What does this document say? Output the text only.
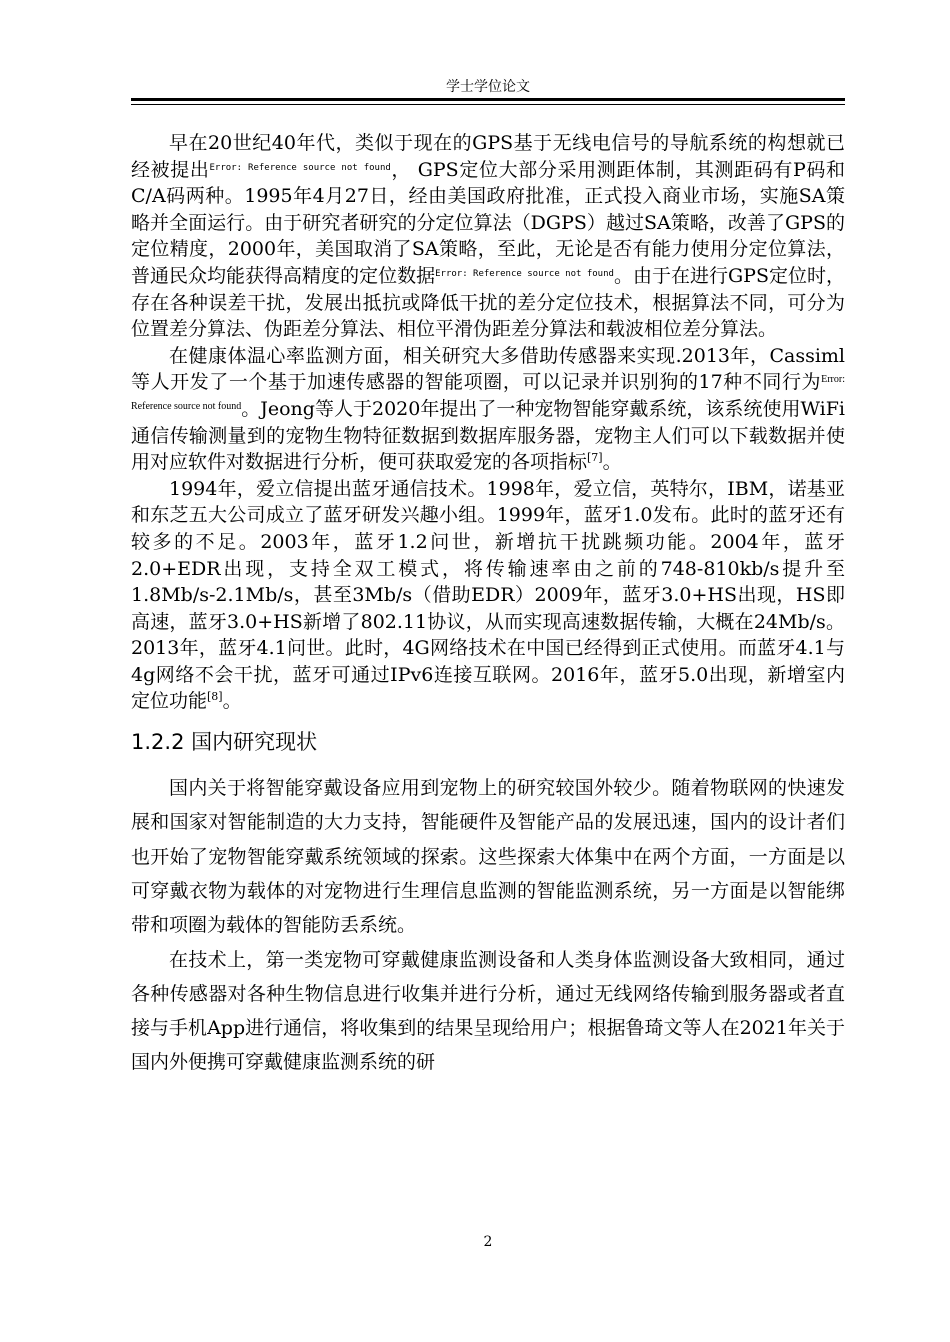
学士学位论文

早在20世纪40年代，类似于现在的GPS基于无线电信号的导航系统的构想就已经被提出$^{Error: Reference source not found}$， GPS定位大部分采用测距体制，其测距码有P码和C/A码两种。1995年4月27日，经由美国政府批准，正式投入商业市场，实施SA策略并全面运行。由于研究者研究的分定位算法（DGPS）越过SA策略，改善了GPS的定位精度，2000年，美国取消了SA策略，至此，无论是否有能力使用分定位算法，普通民众均能获得高精度的定位数据$^{Error: Reference source not found}$。由于在进行GPS定位时，存在各种误差干扰，发展出抵抗或降低干扰的差分定位技术，根据算法不同，可分为位置差分算法、伪距差分算法、相位平滑伪距差分算法和载波相位差分算法。

在健康体温心率监测方面，相关研究大多借助传感器来实现.2013年，Cassiml等人开发了一个基于加速传感器的智能项圈，可以记录并识别狗的17种不同行为$^{Error: Reference source not found}$。Jeong等人于2020年提出了一种宠物智能穿戴系统，该系统使用WiFi通信传输测量到的宠物生物特征数据到数据库服务器，宠物主人们可以下载数据并使用对应软件对数据进行分析，便可获取爱宠的各项指标[7]。

1994年，爱立信提出蓝牙通信技术。1998年，爱立信，英特尔，IBM，诺基亚和东芝五大公司成立了蓝牙研发兴趣小组。1999年，蓝牙1.0发布。此时的蓝牙还有较多的不足。2003年，蓝牙1.2问世，新增抗干扰跳频功能。2004年，蓝牙2.0+EDR出现，支持全双工模式，将传输速率由之前的748-810kb/s提升至1.8Mb/s-2.1Mb/s，甚至3Mb/s（借助EDR）2009年，蓝牙3.0+HS出现，HS即高速，蓝牙3.0+HS新增了802.11协议，从而实现高速数据传输，大概在24Mb/s。2013年，蓝牙4.1问世。此时，4G网络技术在中国已经得到正式使用。而蓝牙4.1与4g网络不会干扰，蓝牙可通过IPv6连接互联网。2016年，蓝牙5.0出现，新增室内定位功能[8]。

1.2.2 国内研究现状

国内关于将智能穿戴设备应用到宠物上的研究较国外较少。随着物联网的快速发展和国家对智能制造的大力支持，智能硬件及智能产品的发展迅速，国内的设计者们也开始了宠物智能穿戴系统领域的探索。这些探索大体集中在两个方面，一方面是以可穿戴衣物为载体的对宠物进行生理信息监测的智能监测系统，另一方面是以智能绑带和项圈为载体的智能防丢系统。

在技术上，第一类宠物可穿戴健康监测设备和人类身体监测设备大致相同，通过各种传感器对各种生物信息进行收集并进行分析，通过无线网络传输到服务器或者直接与手机App进行通信，将收集到的结果呈现给用户；根据鲁琦文等人在2021年关于国内外便携可穿戴健康监测系统的研

2
